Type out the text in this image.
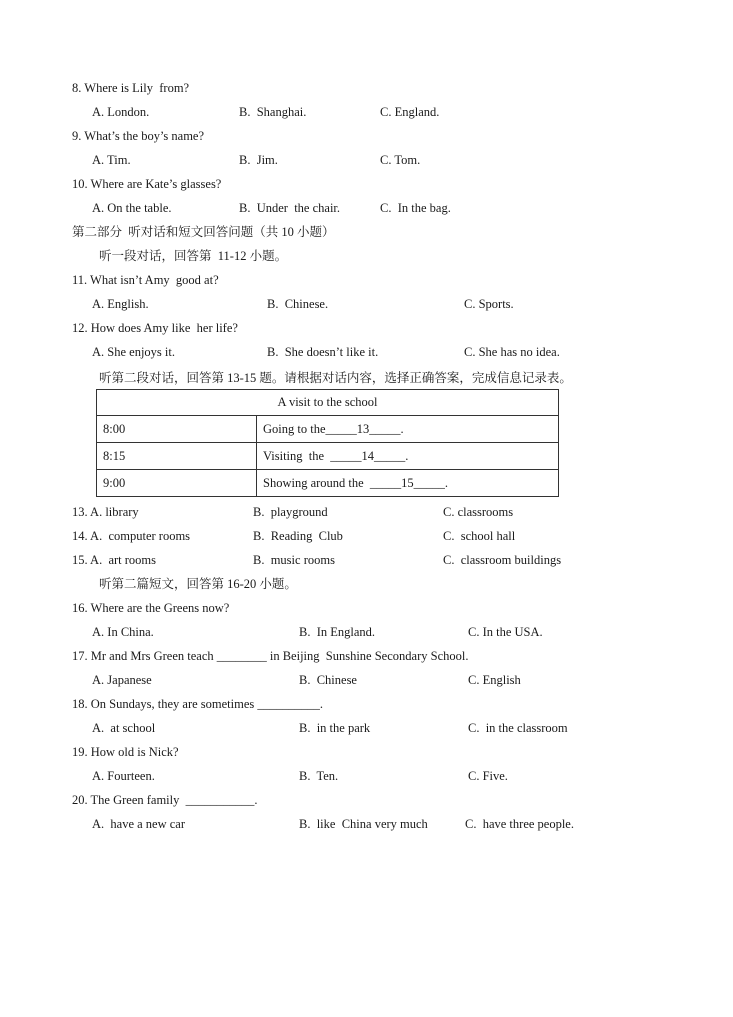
8. Where is Lily  from?
A. London.	B.  Shanghai.	C. England.
9. What’s the boy’s name?
A. Tim.	B.  Jim.	C. Tom.
10. Where are Kate’s glasses?
A. On the table.	B.  Under  the chair.	C.  In the bag.
第二部分  听对话和短文回答问题（共 10 小题）
听一段对话，回答第  11-12 小题。
11. What isn’t Amy  good at?
A. English.	B.  Chinese.	C. Sports.
12. How does Amy like  her life?
A. She enjoys it.	B.  She doesn’t like it.	C. She has no idea.
听第二段对话，回答第 13-15 题。请根据对话内容，选择正确答案，完成信息记录表。
A visit to the school	
8:00	Going to the_____13_____.
8:15	Visiting  the  _____14_____.
9:00	Showing around the  _____15_____.
13. A. library	B.  playground	C. classrooms
14. A.  computer rooms	B.  Reading  Club	C.  school hall
15. A.  art rooms	B.  music rooms	C.  classroom buildings
听第二篇短文，回答第 16-20 小题。
16. Where are the Greens now?
A. In China.	B.  In England.	C. In the USA.
17. Mr and Mrs Green teach ________ in Beijing  Sunshine Secondary School.
A. Japanese	B.  Chinese	C. English
18. On Sundays, they are sometimes __________.
A.  at school	B.  in the park	C.  in the classroom
19. How old is Nick?
A. Fourteen.	B.  Ten.	C. Five.
20. The Green family  ___________.
A.  have a new car	B.  like  China very much	C.  have three people.
